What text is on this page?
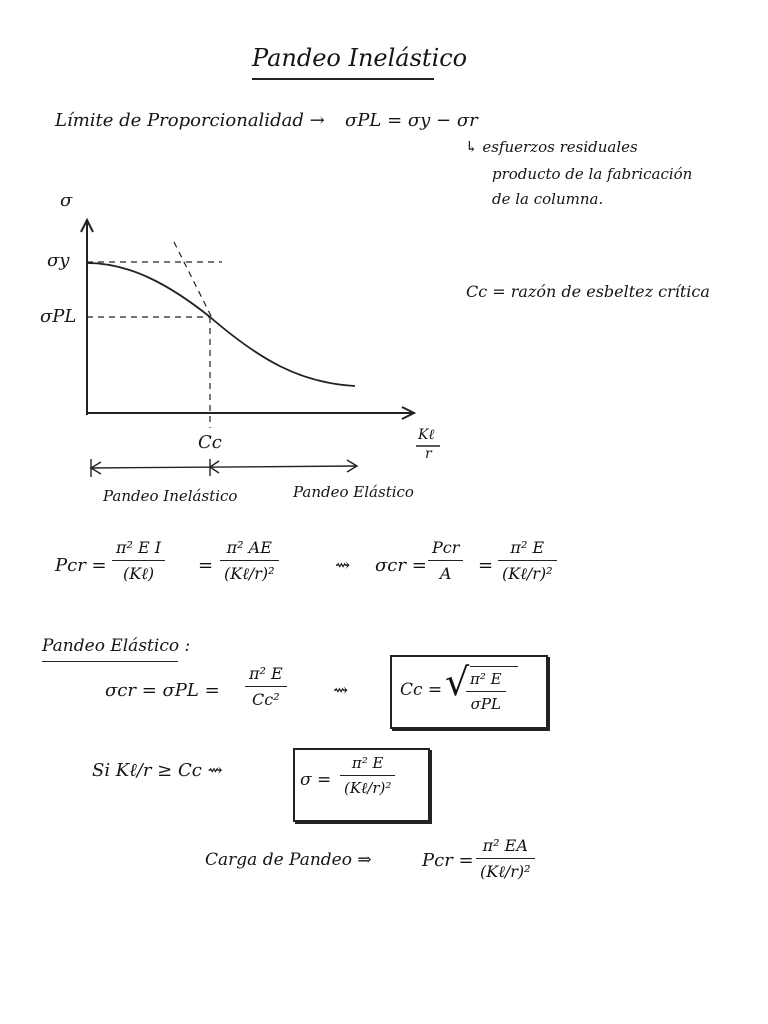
Pandeo Inelástico
Límite de Proporcionalidad → σPL = σy − σr
↳ esfuerzos residuales
producto de la fabricación
de la columna.
σ
σy
σPL
Cc	Kℓ
r
Pandeo Inelástico	Pandeo Elástico
Cc = razón de esbeltez crítica
Pcr =
π² E I
(Kℓ) =
π² AE
(Kℓ/r)²	⇝ σcr =
Pcr
A =
π² E
(Kℓ/r)²
Pandeo Elástico :
σcr = σPL =
π² E
Cc²	⇝	Cc = √ π² E
σPL
Si Kℓ/r ≥ Cc ⇝	σ =
π² E
(Kℓ/r)²
Carga de Pandeo ⇒	Pcr =
π² EA
(Kℓ/r)²
